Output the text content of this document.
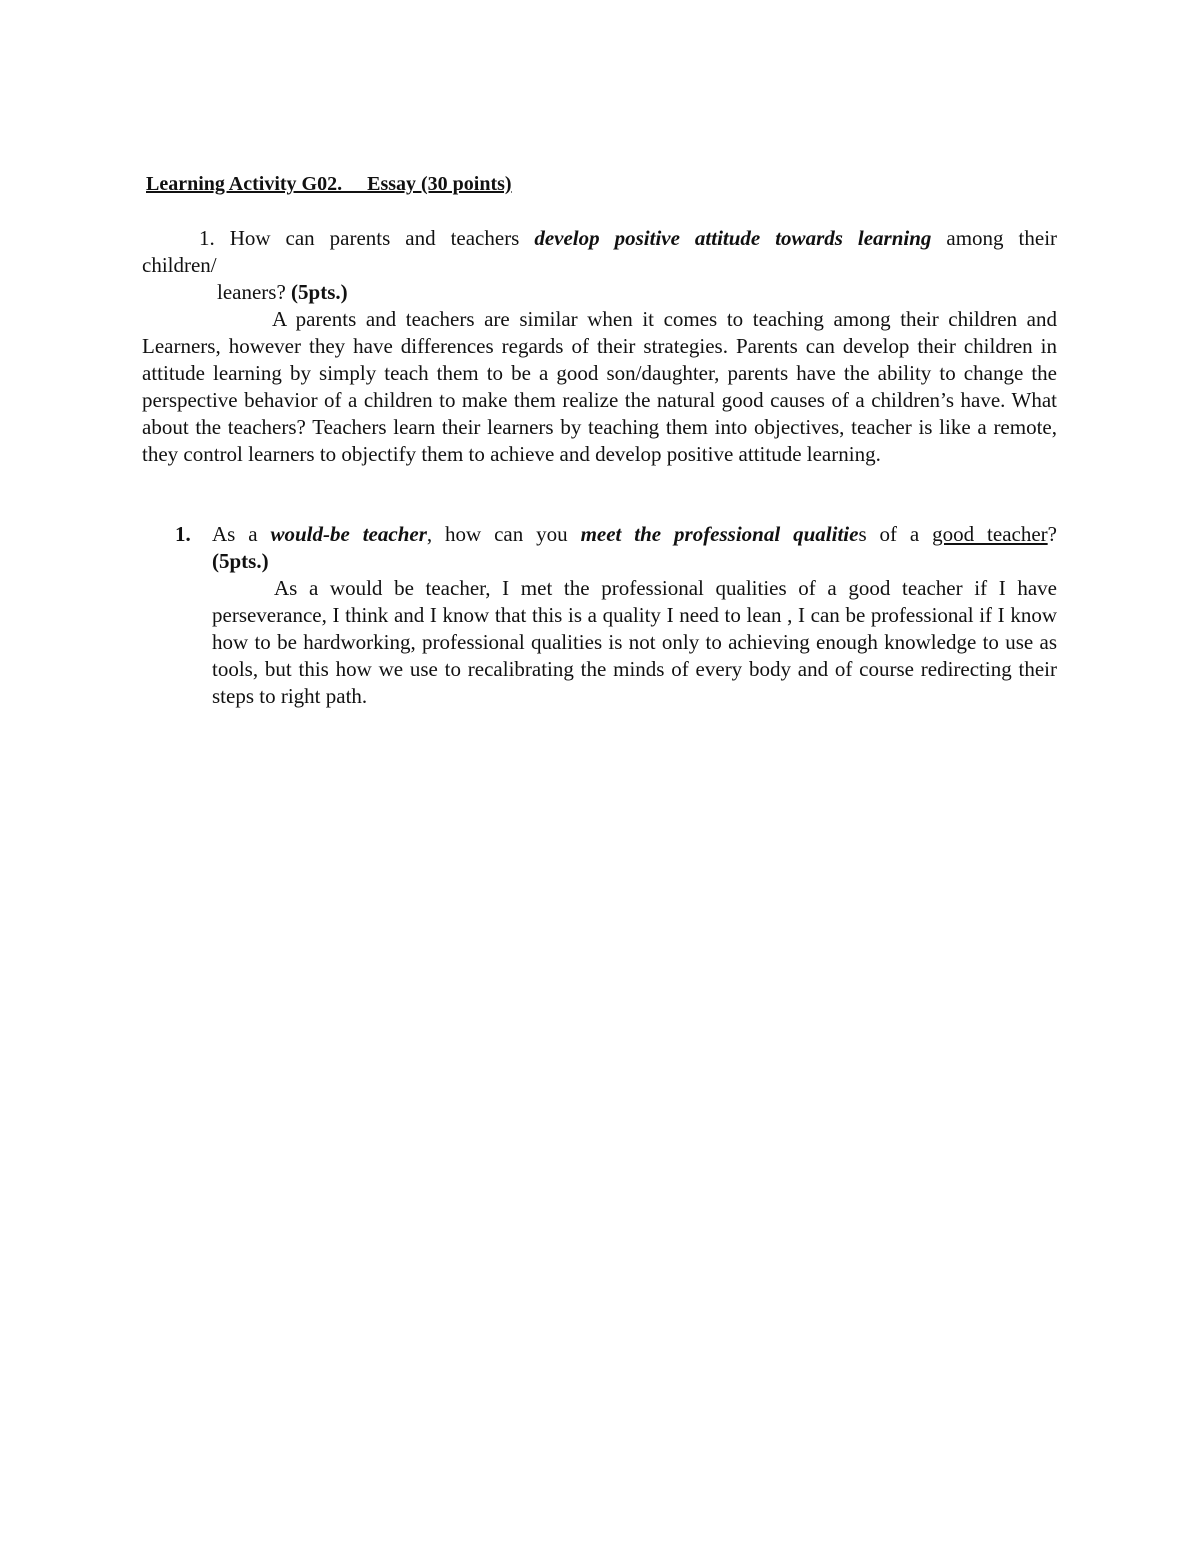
Learning Activity G02.     Essay (30 points)
1. How can parents and teachers develop positive attitude towards learning among their
children/
leaners? (5pts.)

A parents and teachers are similar when it comes to teaching among their children and Learners, however they have differences regards of their strategies. Parents can develop their children in attitude learning by simply teach them to be a good son/daughter, parents have the ability to change the perspective behavior of a children to make them realize the natural good causes of a children’s have. What about the teachers? Teachers learn their learners by teaching them into objectives, teacher is like a remote, they control learners to objectify them to achieve and develop positive attitude learning.

1. As a would-be teacher, how can you meet the professional qualities of a good teacher?
(5pts.)

As a would be teacher, I met the professional qualities of a good teacher if I have perseverance, I think and I know that this is a quality I need to lean , I can be professional if I know how to be hardworking, professional qualities is not only to achieving enough knowledge to use as tools, but this how we use to recalibrating the minds of every body and of course redirecting their steps to right path.
